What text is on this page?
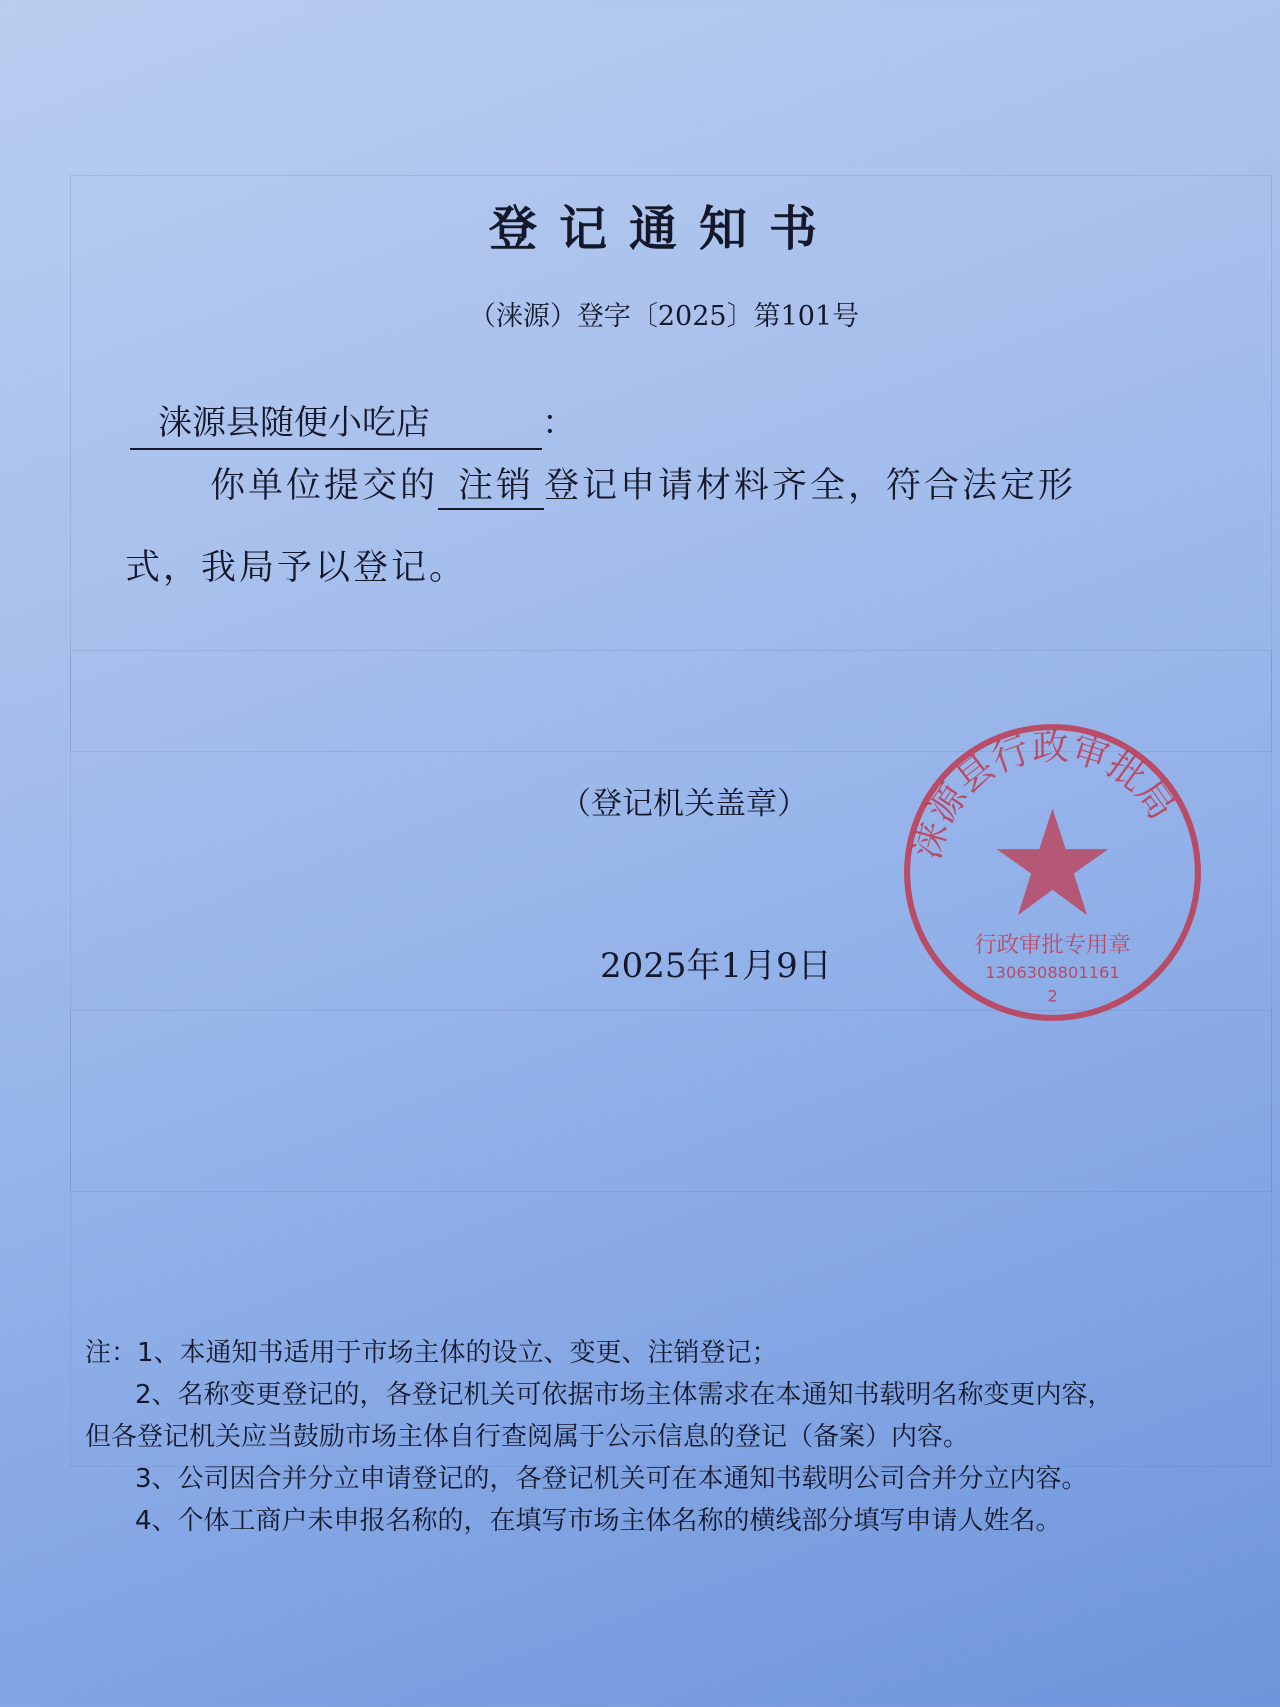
登记通知书
（涞源）登字〔2025〕第101号
涞源县随便小吃店	：
你单位提交的 注销 登记申请材料齐全，符合法定形
式，我局予以登记。
涞源县行政审批局
行政审批专用章
1306308801161
2
（登记机关盖章）
2025年1月9日
注：1、本通知书适用于市场主体的设立、变更、注销登记；
2、名称变更登记的，各登记机关可依据市场主体需求在本通知书载明名称变更内容，
但各登记机关应当鼓励市场主体自行查阅属于公示信息的登记（备案）内容。
3、公司因合并分立申请登记的，各登记机关可在本通知书载明公司合并分立内容。
4、个体工商户未申报名称的，在填写市场主体名称的横线部分填写申请人姓名。
